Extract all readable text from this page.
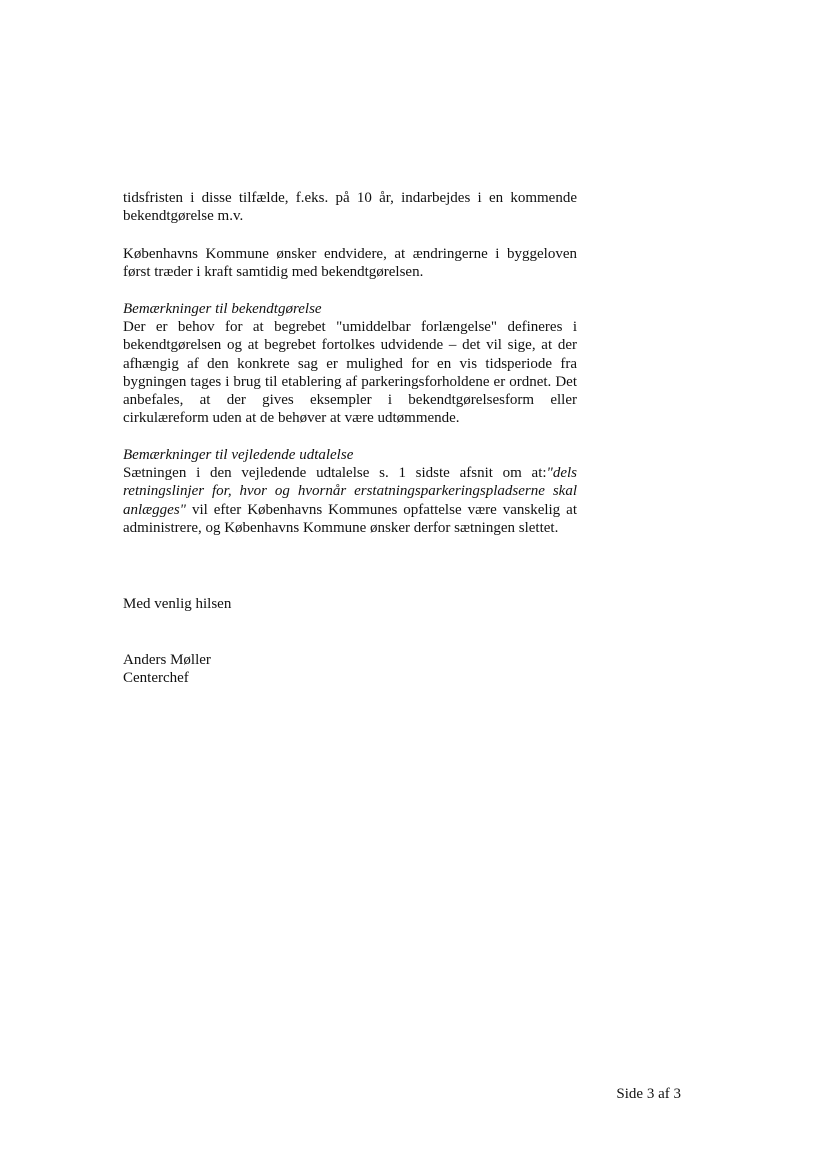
tidsfristen i disse tilfælde, f.eks. på 10 år, indarbejdes i en kommende bekendtgørelse m.v.

Københavns Kommune ønsker endvidere, at ændringerne i byggeloven først træder i kraft samtidig med bekendtgørelsen.

Bemærkninger til bekendtgørelse
Der er behov for at begrebet "umiddelbar forlængelse" defineres i bekendtgørelsen og at begrebet fortolkes udvidende – det vil sige, at der afhængig af den konkrete sag er mulighed for en vis tidsperiode fra bygningen tages i brug til etablering af parkeringsforholdene er ordnet. Det anbefales, at der gives eksempler i bekendtgørelsesform eller cirkulæreform uden at de behøver at være udtømmende.
Bemærkninger til vejledende udtalelse
Sætningen i den vejledende udtalelse s. 1 sidste afsnit om at:"dels retningslinjer for, hvor og hvornår erstatningsparkeringspladserne skal anlægges" vil efter Københavns Kommunes opfattelse være vanskelig at administrere, og Københavns Kommune ønsker derfor sætningen slettet.
Med venlig hilsen
Anders Møller
Centerchef
Side 3 af 3
